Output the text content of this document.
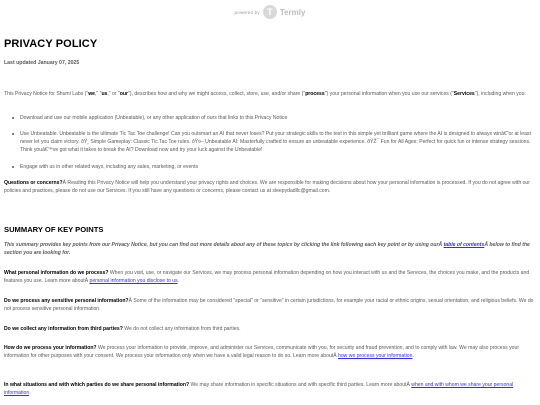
powered by T Termly
PRIVACY POLICY
Last updated January 07, 2025
This Privacy Notice for Shumi Labs ("we," "us," or "our"), describes how and why we might access, collect, store, use, and/or share ("process") your personal information when you use our services ("Services"), including when you:
Download and use our mobile application (Unbeatable), or any other application of ours that links to this Privacy Notice
Use Unbeatable. Unbeatable is the ultimate Tic Tac Toe challenge! Can you outsmart an AI that never loses? Put your strategic skills to the test in this simple yet brilliant game where the AI is designed to always winâ€”or at least never let you claim victory. ðŸ¸ Simple Gameplay: Classic Tic Tac Toe rules. ðŸ¤– Unbeatable AI: Masterfully crafted to ensure an unbeatable experience. ðŸŽ¯ Fun for All Ages: Perfect for quick fun or intense strategy sessions. Think youâ€™ve got what it takes to break the AI? Download now and try your luck against the Unbeatable!
Engage with us in other related ways, including any sales, marketing, or events
Questions or concerns?Â Reading this Privacy Notice will help you understand your privacy rights and choices. We are responsible for making decisions about how your personal information is processed. If you do not agree with our policies and practices, please do not use our Services. If you still have any questions or concerns, please contact us at sleepydadllc@gmail.com.
SUMMARY OF KEY POINTS
This summary provides key points from our Privacy Notice, but you can find out more details about any of these topics by clicking the link following each key point or by using ourÂ table of contentsÂ below to find the section you are looking for.
What personal information do we process? When you visit, use, or navigate our Services, we may process personal information depending on how you interact with us and the Services, the choices you make, and the products and features you use. Learn more aboutÂ personal information you disclose to us.
Do we process any sensitive personal information?Â Some of the information may be considered "special" or "sensitive" in certain jurisdictions, for example your racial or ethnic origins, sexual orientation, and religious beliefs. We do not process sensitive personal information.
Do we collect any information from third parties? We do not collect any information from third parties.
How do we process your information? We process your information to provide, improve, and administer our Services, communicate with you, for security and fraud prevention, and to comply with law. We may also process your information for other purposes with your consent. We process your information only when we have a valid legal reason to do so. Learn more aboutÂ how we process your information.
In what situations and with which parties do we share personal information? We may share information in specific situations and with specific third parties. Learn more aboutÂ when and with whom we share your personal information.
